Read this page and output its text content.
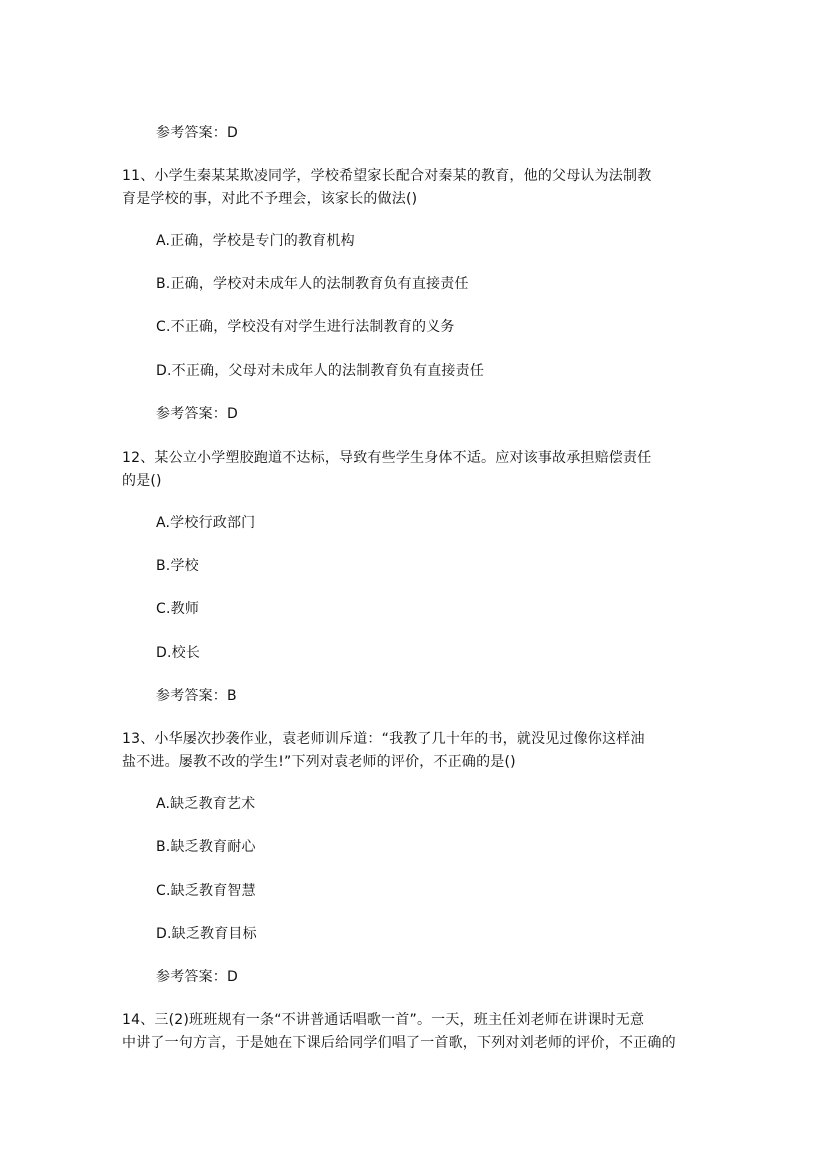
参考答案：D
11、小学生秦某某欺凌同学，学校希望家长配合对秦某的教育，他的父母认为法制教
育是学校的事，对此不予理会，该家长的做法()
A.正确，学校是专门的教育机构
B.正确，学校对未成年人的法制教育负有直接责任
C.不正确，学校没有对学生进行法制教育的义务
D.不正确，父母对未成年人的法制教育负有直接责任
参考答案：D
12、某公立小学塑胶跑道不达标，导致有些学生身体不适。应对该事故承担赔偿责任
的是()
A.学校行政部门
B.学校
C.教师
D.校长
参考答案：B
13、小华屡次抄袭作业，袁老师训斥道：“我教了几十年的书，就没见过像你这样油
盐不进。屡教不改的学生!”下列对袁老师的评价，不正确的是()
A.缺乏教育艺术
B.缺乏教育耐心
C.缺乏教育智慧
D.缺乏教育目标
参考答案：D
14、三(2)班班规有一条“不讲普通话唱歌一首”。一天，班主任刘老师在讲课时无意
中讲了一句方言，于是她在下课后给同学们唱了一首歌，下列对刘老师的评价，不正确的
